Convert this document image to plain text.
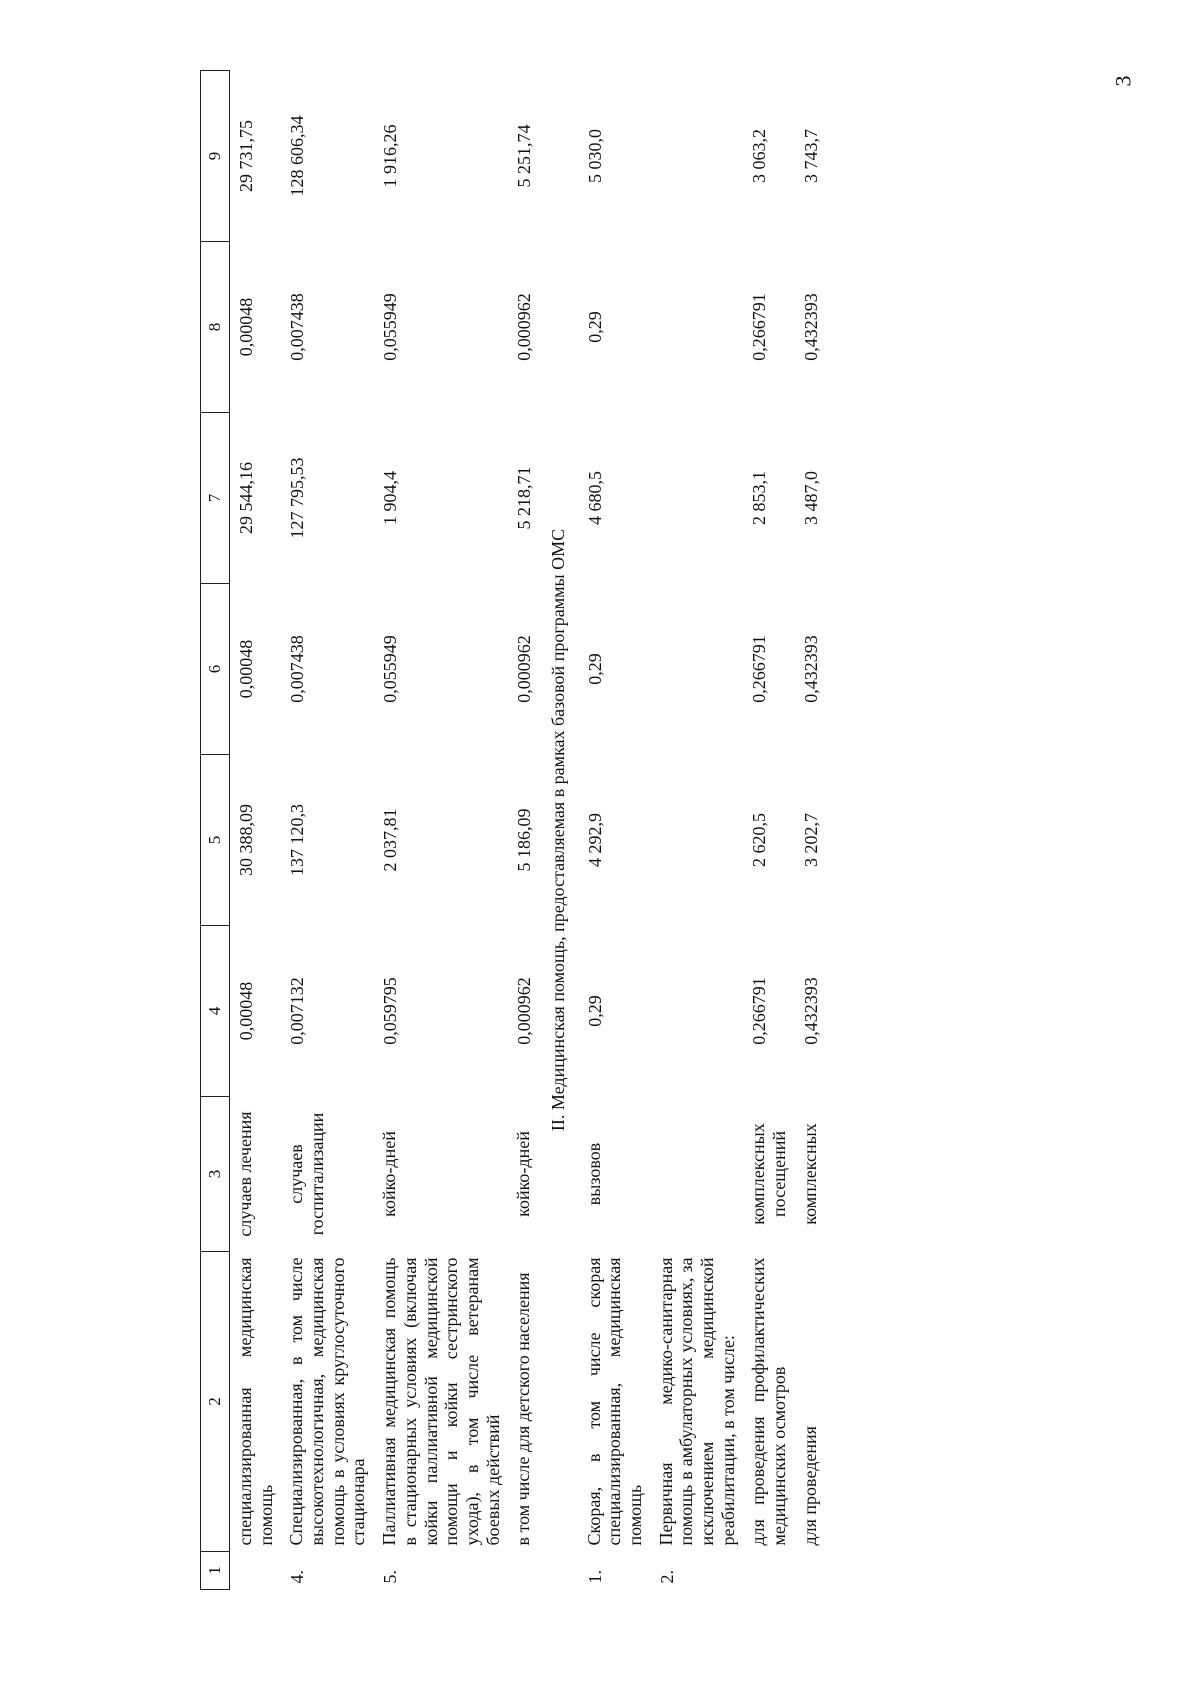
3
1	2	3	4	5	6	7	8	9
	специализированная медицинская помощь	случаев лечения	0,00048	30 388,09	0,00048	29 544,16	0,00048	29 731,75
4.	Специализированная, в том числе высокотехнологичная, медицинская помощь в условиях круглосуточного стационара	случаев госпитализации	0,007132	137 120,3	0,007438	127 795,53	0,007438	128 606,34
5.	Паллиативная медицинская помощь в стационарных условиях (включая койки паллиативной медицинской помощи и койки сестринского ухода), в том числе ветеранам боевых действий	койко-дней	0,059795	2 037,81	0,055949	1 904,4	0,055949	1 916,26
	в том числе для детского населения	койко-дней	0,000962	5 186,09	0,000962	5 218,71	0,000962	5 251,74
II. Медицинская помощь, предоставляемая в рамках базовой программы ОМС								
1.	Скорая, в том числе скорая специализированная, медицинская помощь	вызовов	0,29	4 292,9	0,29	4 680,5	0,29	5 030,0
2.	Первичная медико-санитарная помощь в амбулаторных условиях, за исключением медицинской реабилитации, в том числе:							
	для проведения профилактических медицинских осмотров	комплексных посещений	0,266791	2 620,5	0,266791	2 853,1	0,266791	3 063,2
	для проведения	комплексных	0,432393	3 202,7	0,432393	3 487,0	0,432393	3 743,7
